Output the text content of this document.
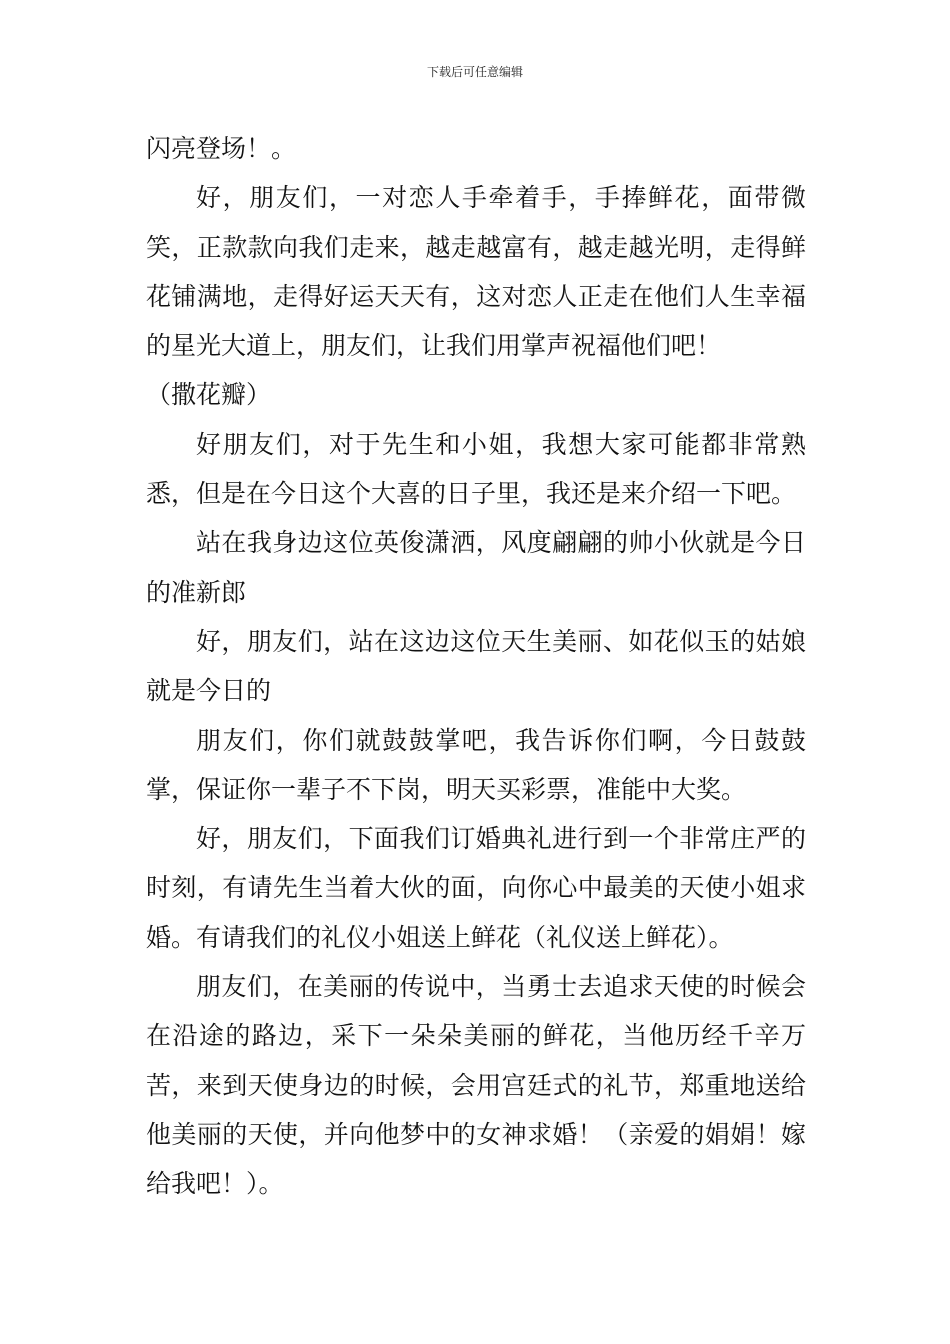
下载后可任意编辑

闪亮登场！。

好，朋友们，一对恋人手牵着手，手捧鲜花，面带微笑，正款款向我们走来，越走越富有，越走越光明，走得鲜花铺满地，走得好运天天有，这对恋人正走在他们人生幸福的星光大道上，朋友们，让我们用掌声祝福他们吧！

（撒花瓣）

好朋友们，对于先生和小姐，我想大家可能都非常熟悉，但是在今日这个大喜的日子里，我还是来介绍一下吧。

站在我身边这位英俊潇洒，风度翩翩的帅小伙就是今日的准新郎

好，朋友们，站在这边这位天生美丽、如花似玉的姑娘就是今日的

朋友们，你们就鼓鼓掌吧，我告诉你们啊，今日鼓鼓掌，保证你一辈子不下岗，明天买彩票，准能中大奖。

好，朋友们，下面我们订婚典礼进行到一个非常庄严的时刻，有请先生当着大伙的面，向你心中最美的天使小姐求婚。有请我们的礼仪小姐送上鲜花（礼仪送上鲜花）。

朋友们，在美丽的传说中，当勇士去追求天使的时候会在沿途的路边，采下一朵朵美丽的鲜花，当他历经千辛万苦，来到天使身边的时候，会用宫廷式的礼节，郑重地送给他美丽的天使，并向他梦中的女神求婚！（亲爱的娟娟！嫁给我吧！）。
